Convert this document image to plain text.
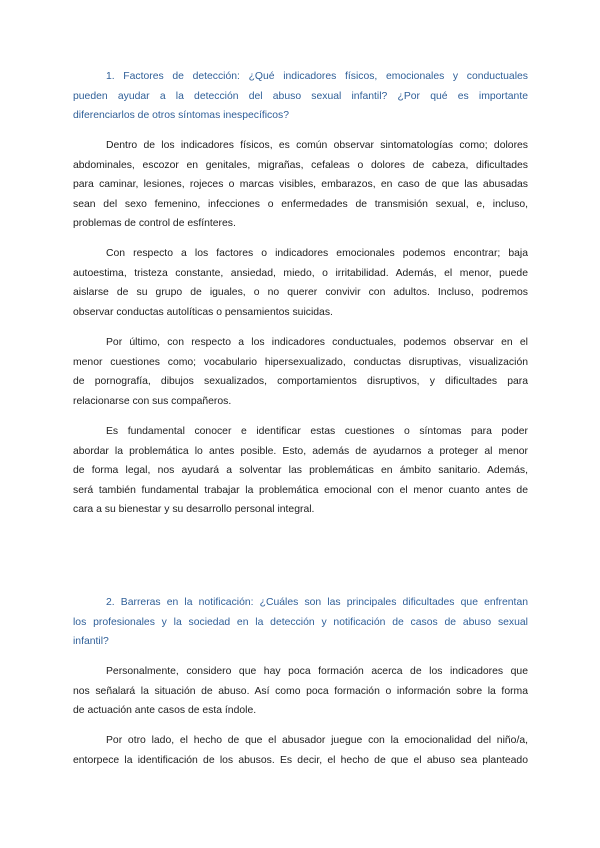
1. Factores de detección: ¿Qué indicadores físicos, emocionales y conductuales
pueden ayudar a la detección del abuso sexual infantil? ¿Por qué es importante
diferenciarlos de otros síntomas inespecíficos?
Dentro de los indicadores físicos, es común observar sintomatologías como; dolores
abdominales, escozor en genitales, migrañas, cefaleas o dolores de cabeza, dificultades
para caminar, lesiones, rojeces o marcas visibles, embarazos, en caso de que las abusadas
sean del sexo femenino, infecciones o enfermedades de transmisión sexual, e, incluso,
problemas de control de esfínteres.
Con respecto a los factores o indicadores emocionales podemos encontrar; baja
autoestima, tristeza constante, ansiedad, miedo, o irritabilidad. Además, el menor, puede
aislarse de su grupo de iguales, o no querer convivir con adultos. Incluso, podremos
observar conductas autolíticas o pensamientos suicidas.
Por último, con respecto a los indicadores conductuales, podemos observar en el
menor cuestiones como; vocabulario hipersexualizado, conductas disruptivas, visualización
de pornografía, dibujos sexualizados, comportamientos disruptivos, y dificultades para
relacionarse con sus compañeros.
Es fundamental conocer e identificar estas cuestiones o síntomas para poder
abordar la problemática lo antes posible. Esto, además de ayudarnos a proteger al menor
de forma legal, nos ayudará a solventar las problemáticas en ámbito sanitario. Además,
será también fundamental trabajar la problemática emocional con el menor cuanto antes de
cara a su bienestar y su desarrollo personal integral.
2. Barreras en la notificación: ¿Cuáles son las principales dificultades que enfrentan
los profesionales y la sociedad en la detección y notificación de casos de abuso sexual
infantil?
Personalmente, considero que hay poca formación acerca de los indicadores que
nos señalará la situación de abuso. Así como poca formación o información sobre la forma
de actuación ante casos de esta índole.
Por otro lado, el hecho de que el abusador juegue con la emocionalidad del niño/a,
entorpece la identificación de los abusos. Es decir, el hecho de que el abuso sea planteado
